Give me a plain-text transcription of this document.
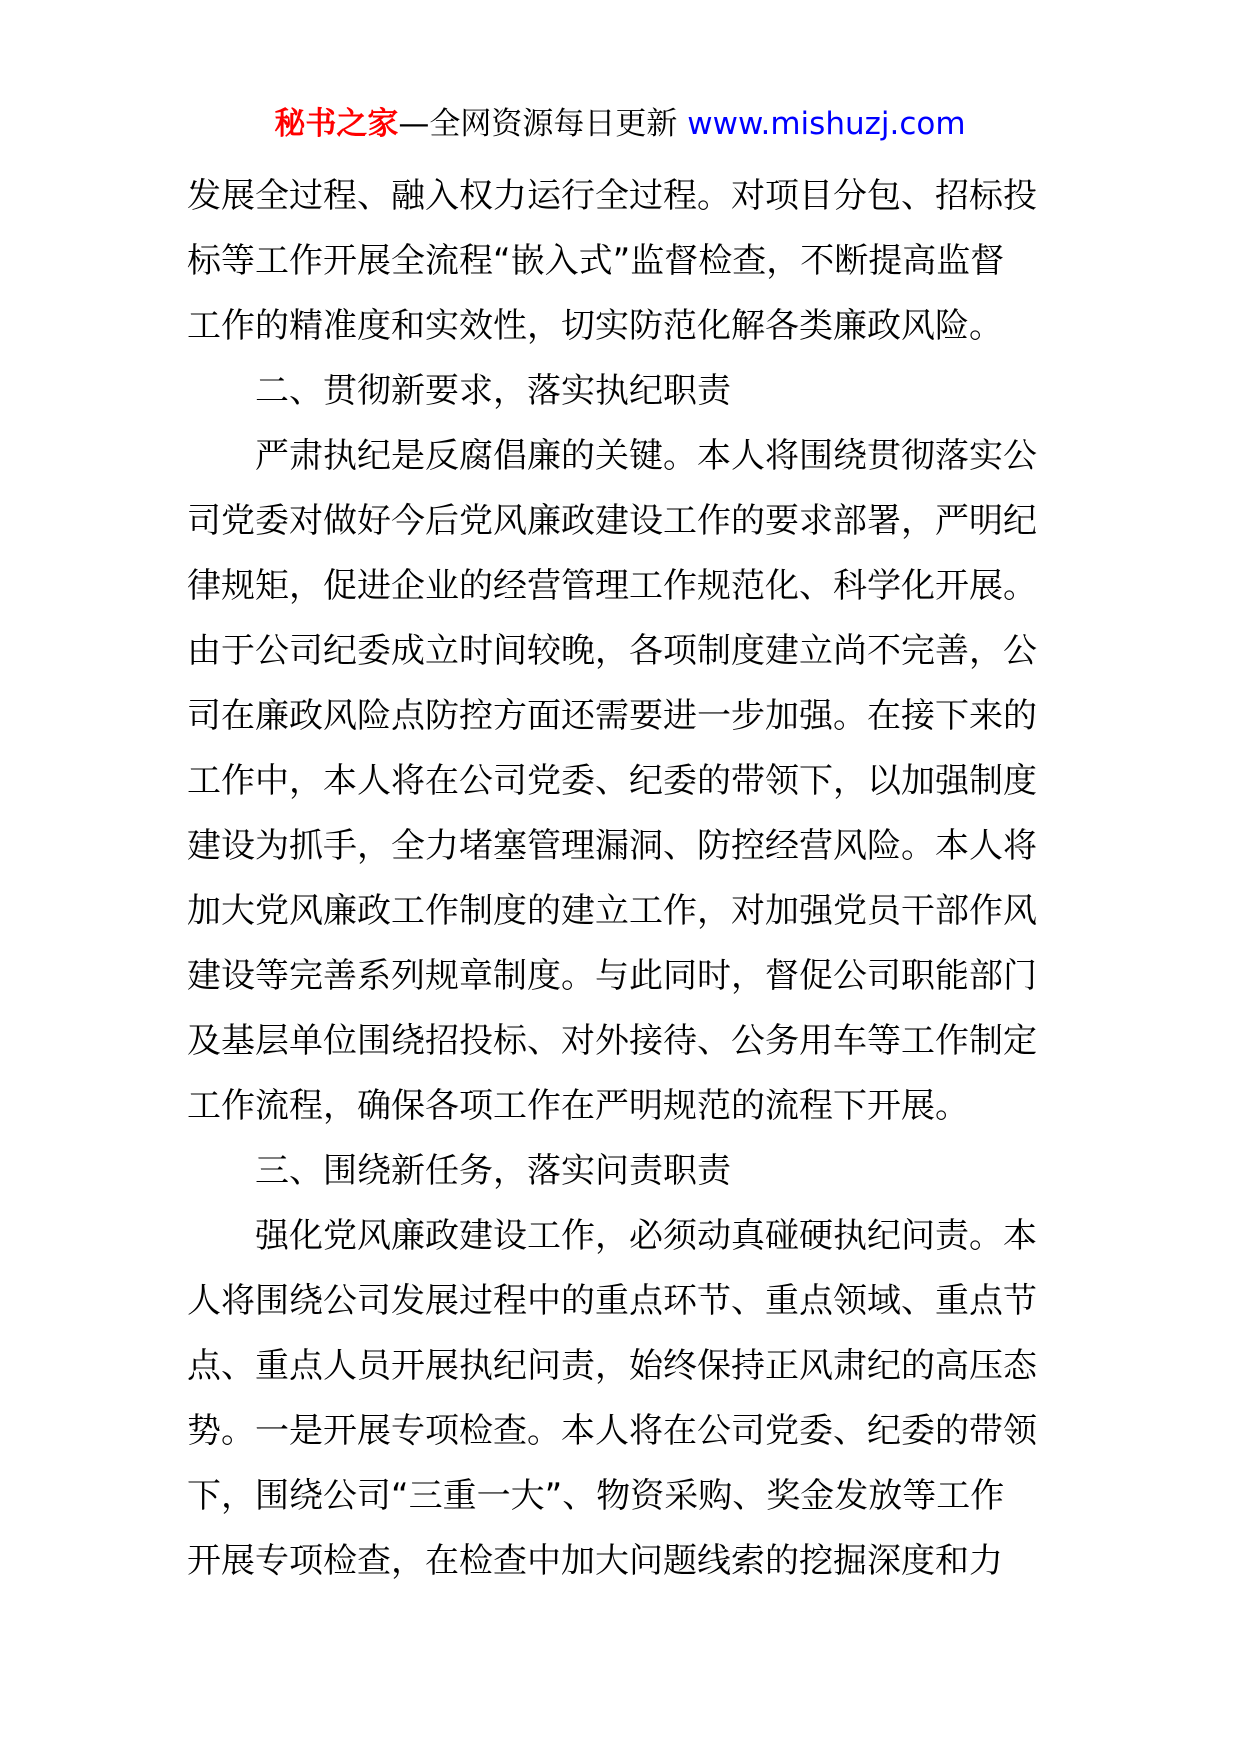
秘书之家—全网资源每日更新 www.mishuzj.com
发展全过程、融入权力运行全过程。对项目分包、招标投
标等工作开展全流程“嵌入式”监督检查，不断提高监督
工作的精准度和实效性，切实防范化解各类廉政风险。
二、贯彻新要求，落实执纪职责
严肃执纪是反腐倡廉的关键。本人将围绕贯彻落实公
司党委对做好今后党风廉政建设工作的要求部署，严明纪
律规矩，促进企业的经营管理工作规范化、科学化开展。
由于公司纪委成立时间较晚，各项制度建立尚不完善，公
司在廉政风险点防控方面还需要进一步加强。在接下来的
工作中，本人将在公司党委、纪委的带领下，以加强制度
建设为抓手，全力堵塞管理漏洞、防控经营风险。本人将
加大党风廉政工作制度的建立工作，对加强党员干部作风
建设等完善系列规章制度。与此同时，督促公司职能部门
及基层单位围绕招投标、对外接待、公务用车等工作制定
工作流程，确保各项工作在严明规范的流程下开展。
三、围绕新任务，落实问责职责
强化党风廉政建设工作，必须动真碰硬执纪问责。本
人将围绕公司发展过程中的重点环节、重点领域、重点节
点、重点人员开展执纪问责，始终保持正风肃纪的高压态
势。一是开展专项检查。本人将在公司党委、纪委的带领
下，围绕公司“三重一大”、物资采购、奖金发放等工作
开展专项检查，在检查中加大问题线索的挖掘深度和力
